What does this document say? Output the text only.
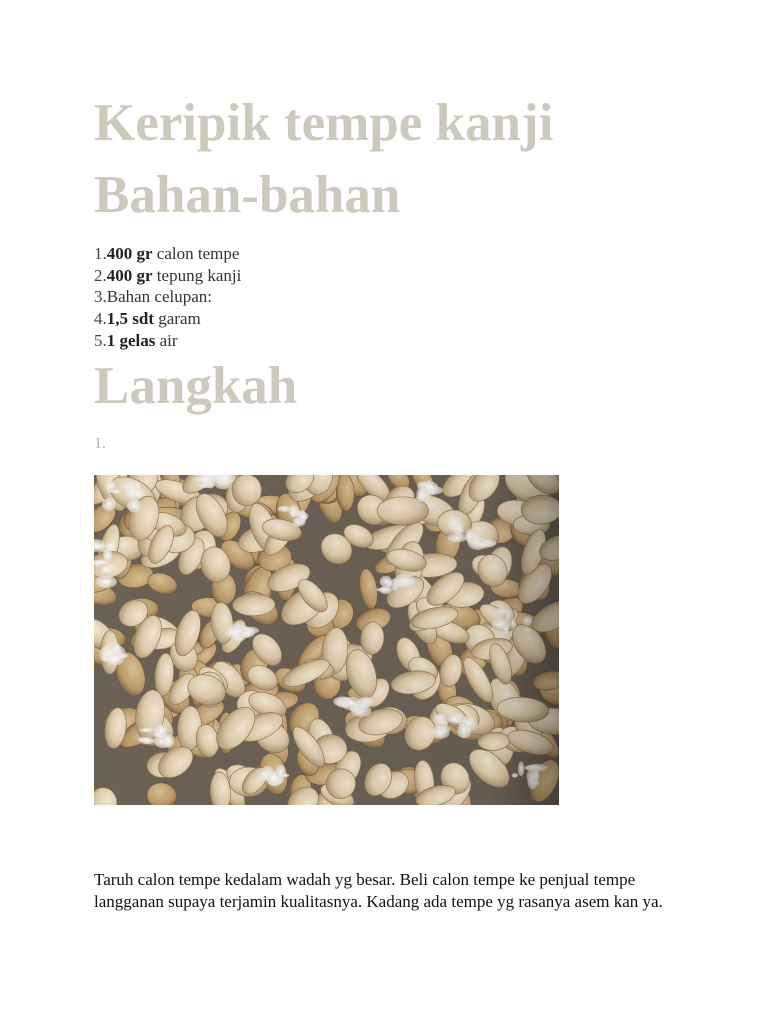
Keripik tempe kanji
Bahan-bahan
1.400 gr calon tempe
2.400 gr tepung kanji
3.Bahan celupan:
4.1,5 sdt garam
5.1 gelas air
Langkah
1.

Taruh calon tempe kedalam wadah yg besar. Beli calon tempe ke penjual tempe langganan supaya terjamin kualitasnya. Kadang ada tempe yg rasanya asem kan ya.
